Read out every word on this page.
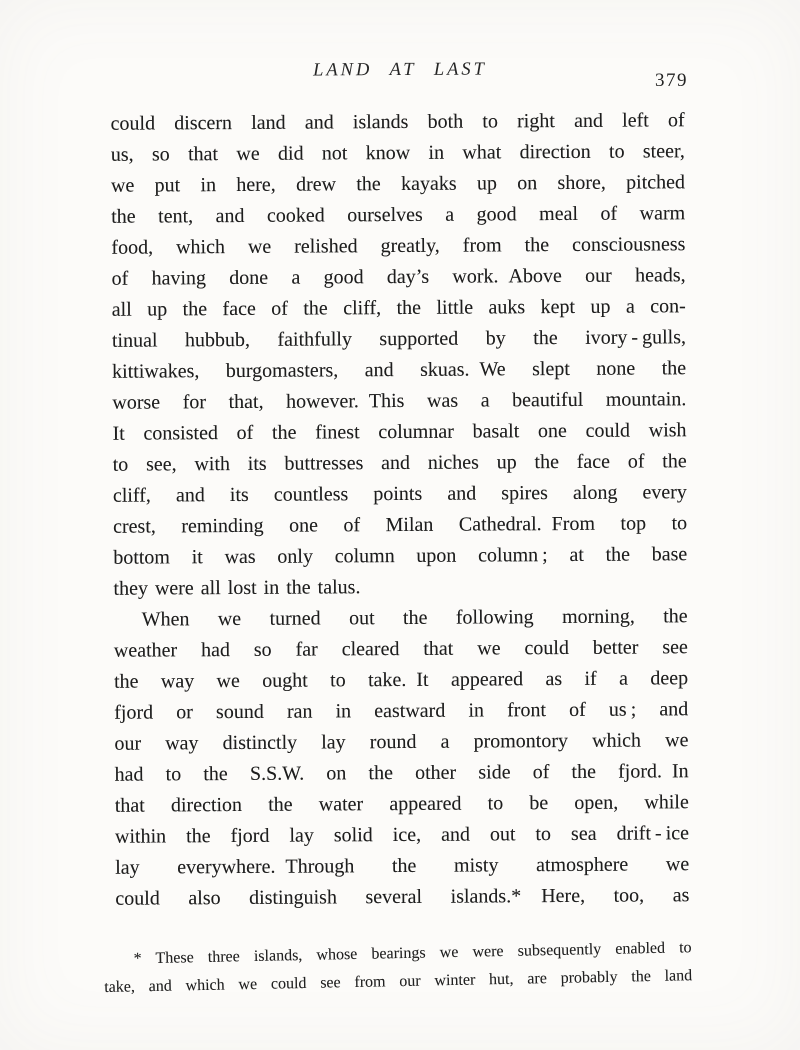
LAND AT LAST	379
could discern land and islands both to right and left of
us, so that we did not know in what direction to steer,
we put in here, drew the kayaks up on shore, pitched
the tent, and cooked ourselves a good meal of warm
food, which we relished greatly, from the consciousness
of having done a good day’s work. Above our heads,
all up the face of the cliff, the little auks kept up a con-
tinual hubbub, faithfully supported by the ivory - gulls,
kittiwakes, burgomasters, and skuas. We slept none the
worse for that, however. This was a beautiful mountain.
It consisted of the finest columnar basalt one could wish
to see, with its buttresses and niches up the face of the
cliff, and its countless points and spires along every
crest, reminding one of Milan Cathedral. From top to
bottom it was only column upon column ; at the base
they were all lost in the talus.
When we turned out the following morning, the
weather had so far cleared that we could better see
the way we ought to take. It appeared as if a deep
fjord or sound ran in eastward in front of us ; and
our way distinctly lay round a promontory which we
had to the S.S.W. on the other side of the fjord. In
that direction the water appeared to be open, while
within the fjord lay solid ice, and out to sea drift - ice
lay everywhere. Through the misty atmosphere we
could also distinguish several islands.* Here, too, as
* These three islands, whose bearings we were subsequently enabled to
take, and which we could see from our winter hut, are probably the land
